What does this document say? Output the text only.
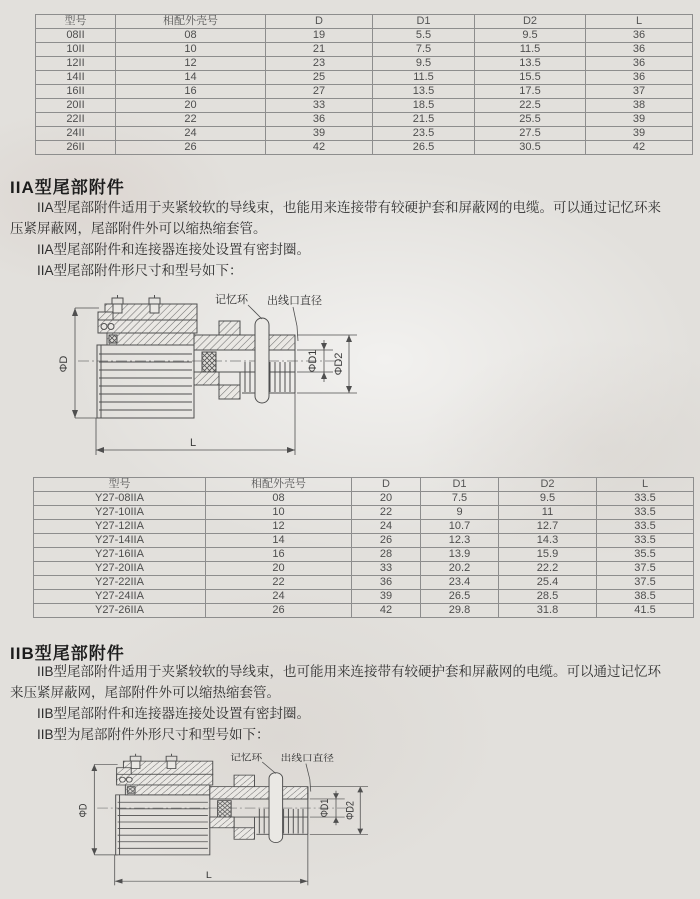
型号	相配外壳号	D	D1	D2	L
08II	08	19	5.5	9.5	36
10II	10	21	7.5	11.5	36
12II	12	23	9.5	13.5	36
14II	14	25	11.5	15.5	36
16II	16	27	13.5	17.5	37
20II	20	33	18.5	22.5	38
22II	22	36	21.5	25.5	39
24II	24	39	23.5	27.5	39
26II	26	42	26.5	30.5	42
IIA型尾部附件

IIA型尾部附件适用于夹紧较软的导线束，也能用来连接带有较硬护套和屏蔽网的电缆。可以通过记忆环来压紧屏蔽网，尾部附件外可以缩热缩套管。

IIA型尾部附件和连接器连接处设置有密封圈。

IIA型尾部附件形尺寸和型号如下：

记忆环 出线口直径
ΦD	ΦD1 ΦD2
L
型号	相配外壳号	D	D1	D2	L
Y27-08IIA	08	20	7.5	9.5	33.5
Y27-10IIA	10	22	9	11	33.5
Y27-12IIA	12	24	10.7	12.7	33.5
Y27-14IIA	14	26	12.3	14.3	33.5
Y27-16IIA	16	28	13.9	15.9	35.5
Y27-20IIA	20	33	20.2	22.2	37.5
Y27-22IIA	22	36	23.4	25.4	37.5
Y27-24IIA	24	39	26.5	28.5	38.5
Y27-26IIA	26	42	29.8	31.8	41.5
IIB型尾部附件

IIB型尾部附件适用于夹紧较软的导线束，也可能用来连接带有较硬护套和屏蔽网的电缆。可以通过记忆环来压紧屏蔽网，尾部附件外可以缩热缩套管。

IIB型尾部附件和连接器连接处设置有密封圈。

IIB型为尾部附件外形尺寸和型号如下：

记忆环 出线口直径
ΦD	ΦD1 ΦD2
L
